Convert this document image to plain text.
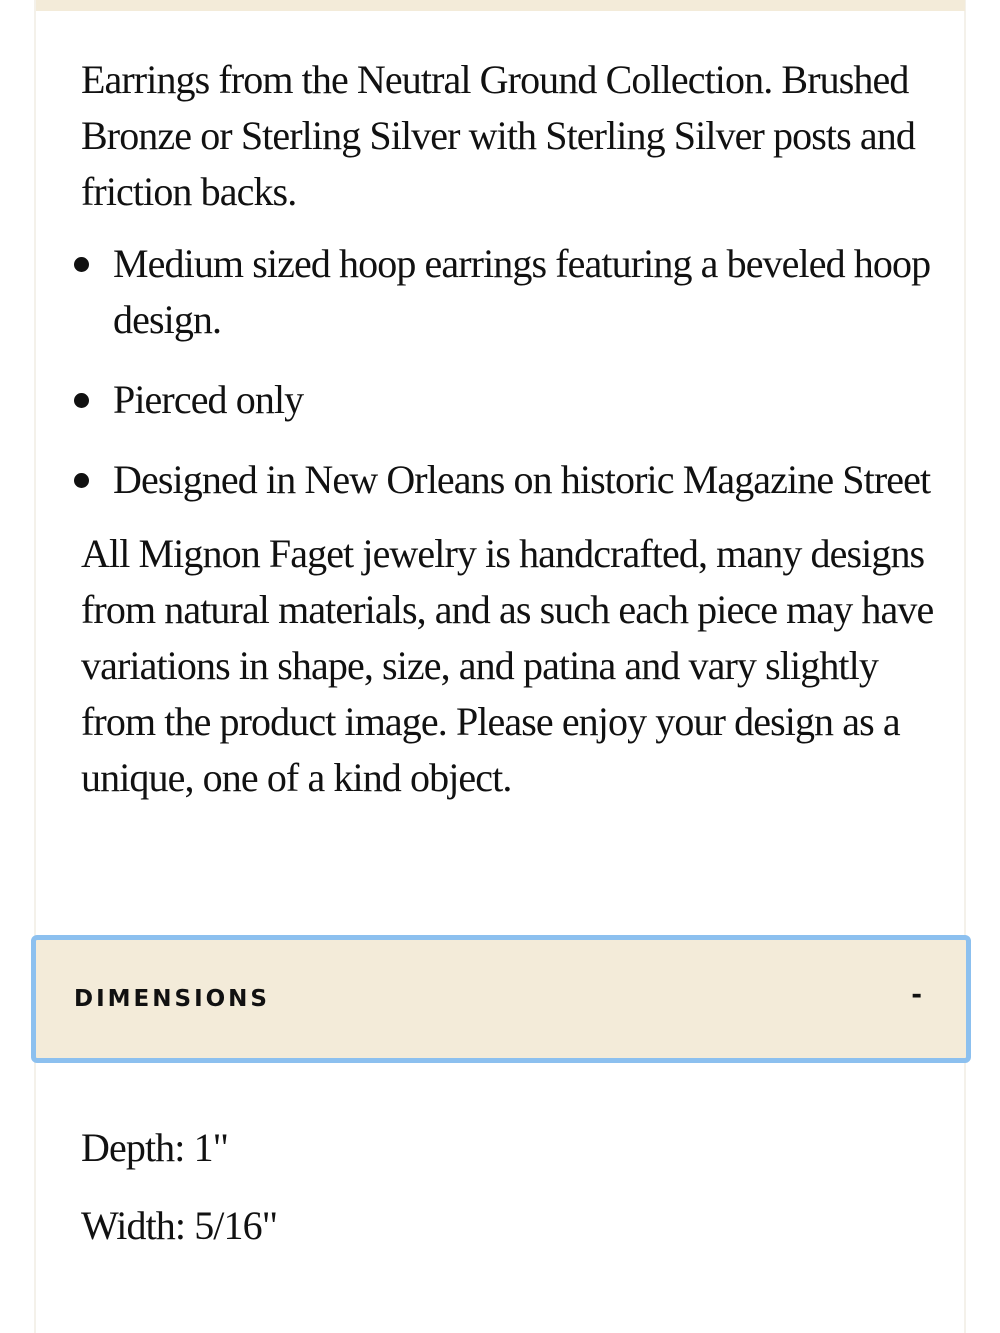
Earrings from the Neutral Ground Collection. Brushed Bronze or Sterling Silver with Sterling Silver posts and friction backs.

Medium sized hoop earrings featuring a beveled hoop design.
Pierced only
Designed in New Orleans on historic Magazine Street

All Mignon Faget jewelry is handcrafted, many designs from natural materials, and as such each piece may have variations in shape, size, and patina and vary slightly from the product image. Please enjoy your design as a unique, one of a kind object.

DIMENSIONS	-

Depth: 1"

Width: 5/16"
